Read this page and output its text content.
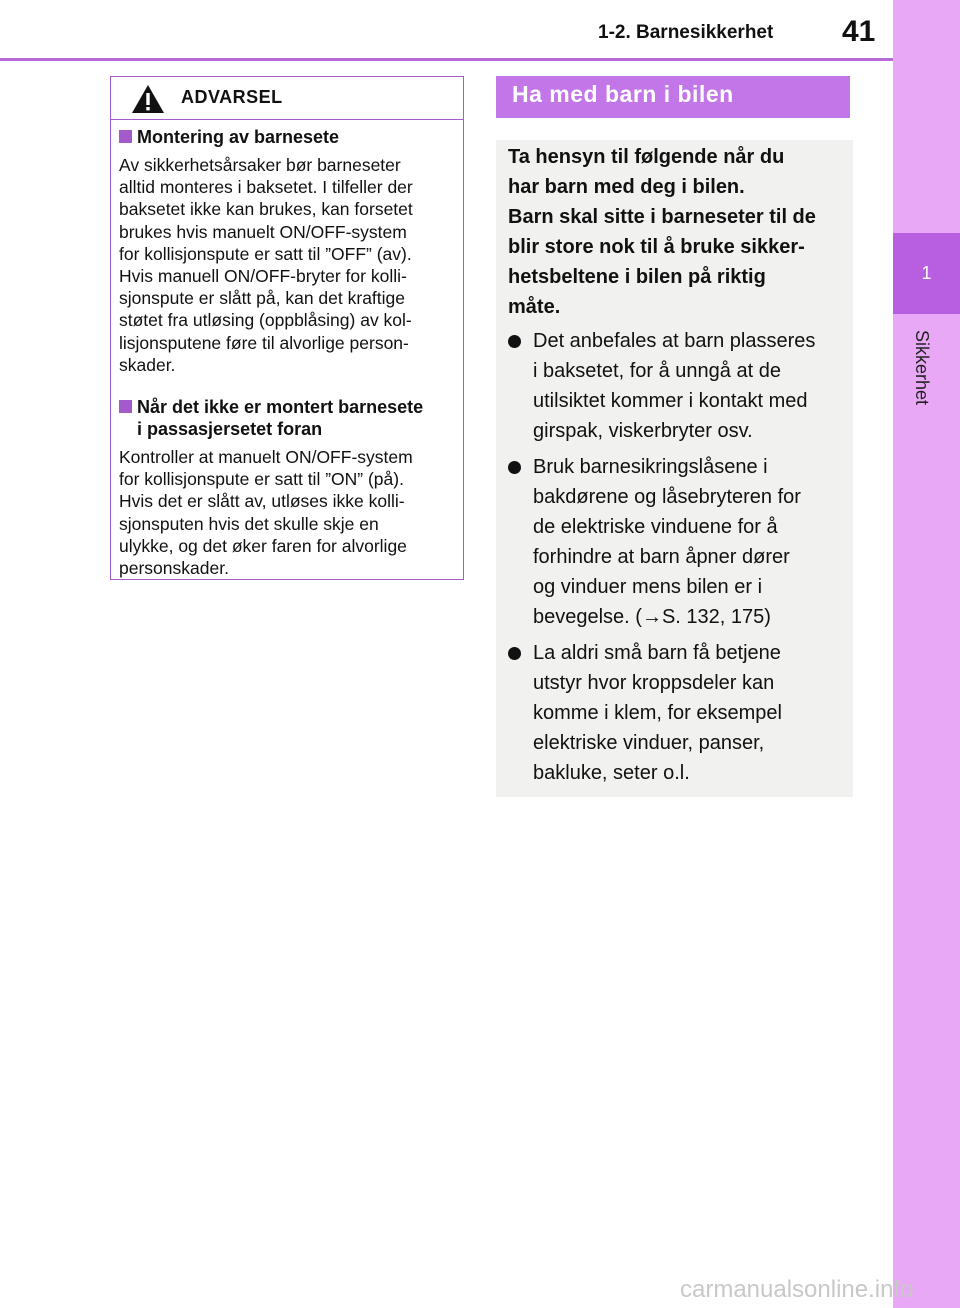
1-2. Barnesikkerhet 41
1
Sikkerhet
ADVARSEL
Montering av barnesete
Av sikkerhetsårsaker bør barneseter
alltid monteres i baksetet. I tilfeller der
baksetet ikke kan brukes, kan forsetet
brukes hvis manuelt ON/OFF-system
for kollisjonspute er satt til ”OFF” (av).
Hvis manuell ON/OFF-bryter for kolli-
sjonspute er slått på, kan det kraftige
støtet fra utløsing (oppblåsing) av kol-
lisjonsputene føre til alvorlige person-
skader.
Når det ikke er montert barnesete
i passasjersetet foran
Kontroller at manuelt ON/OFF-system
for kollisjonspute er satt til ”ON” (på).
Hvis det er slått av, utløses ikke kolli-
sjonsputen hvis det skulle skje en
ulykke, og det øker faren for alvorlige
personskader.
Ha med barn i bilen
Ta hensyn til følgende når du
har barn med deg i bilen.
Barn skal sitte i barneseter til de
blir store nok til å bruke sikker-
hetsbeltene i bilen på riktig
måte.
Det anbefales at barn plasseres
i baksetet, for å unngå at de
utilsiktet kommer i kontakt med
girspak, viskerbryter osv.
Bruk barnesikringslåsene i
bakdørene og låsebryteren for
de elektriske vinduene for å
forhindre at barn åpner dører
og vinduer mens bilen er i
bevegelse. (→S. 132, 175)
La aldri små barn få betjene
utstyr hvor kroppsdeler kan
komme i klem, for eksempel
elektriske vinduer, panser,
bakluke, seter o.l.
carmanualsonline.info
